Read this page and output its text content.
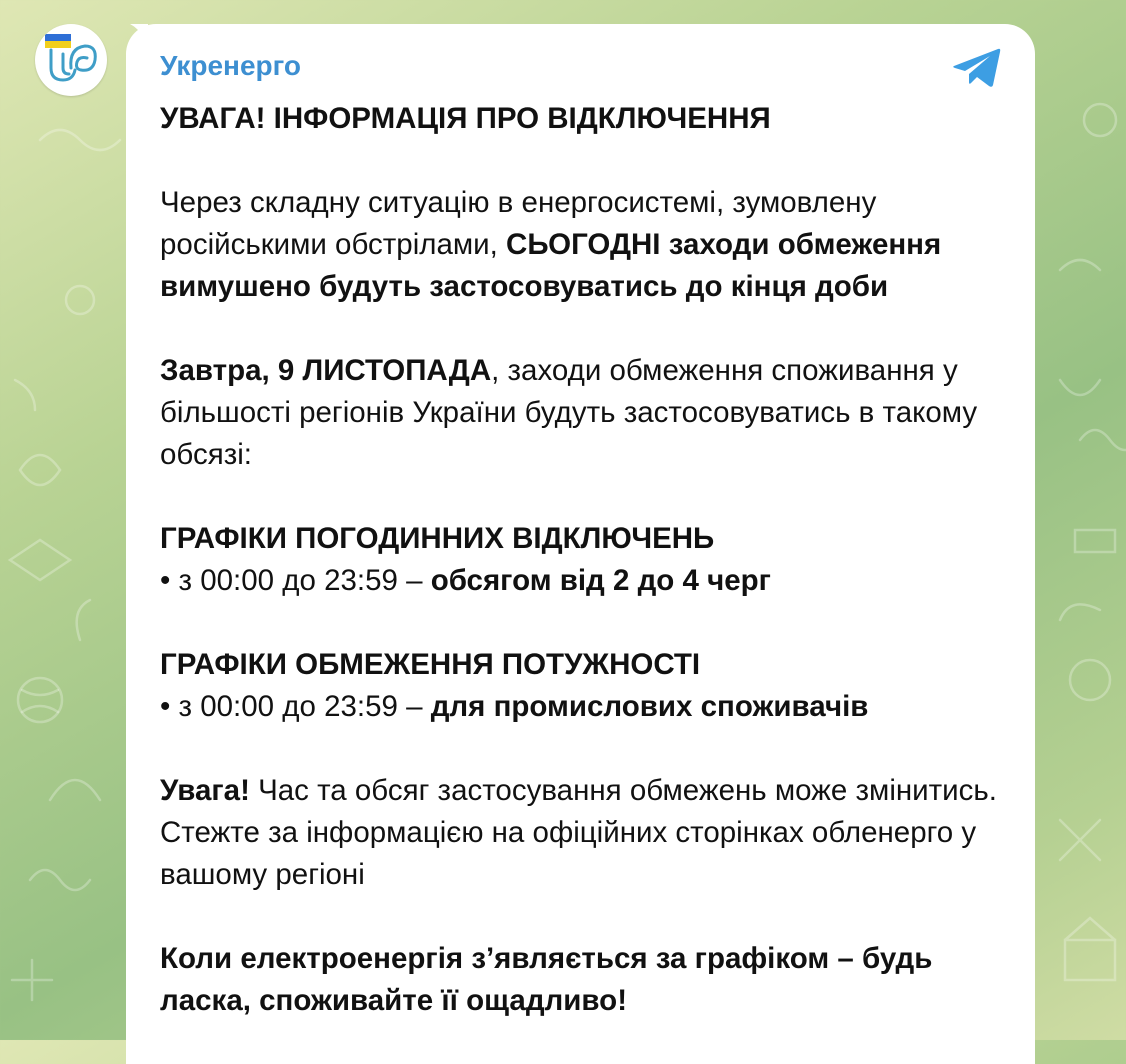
Укренерго

УВАГА! ІНФОРМАЦІЯ ПРО ВІДКЛЮЧЕННЯ

Через складну ситуацію в енергосистемі, зумовлену російськими обстрілами, СЬОГОДНІ заходи обмеження вимушено будуть застосовуватись до кінця доби

Завтра, 9 ЛИСТОПАДА, заходи обмеження споживання у більшості регіонів України будуть застосовуватись в такому обсязі:

ГРАФІКИ ПОГОДИННИХ ВІДКЛЮЧЕНЬ
• з 00:00 до 23:59 – обсягом від 2 до 4 черг

ГРАФІКИ ОБМЕЖЕННЯ ПОТУЖНОСТІ
• з 00:00 до 23:59 – для промислових споживачів

Увага! Час та обсяг застосування обмежень може змінитись. Стежте за інформацією на офіційних сторінках обленерго у вашому регіоні

Коли електроенергія з’являється за графіком – будь ласка, споживайте її ощадливо!
